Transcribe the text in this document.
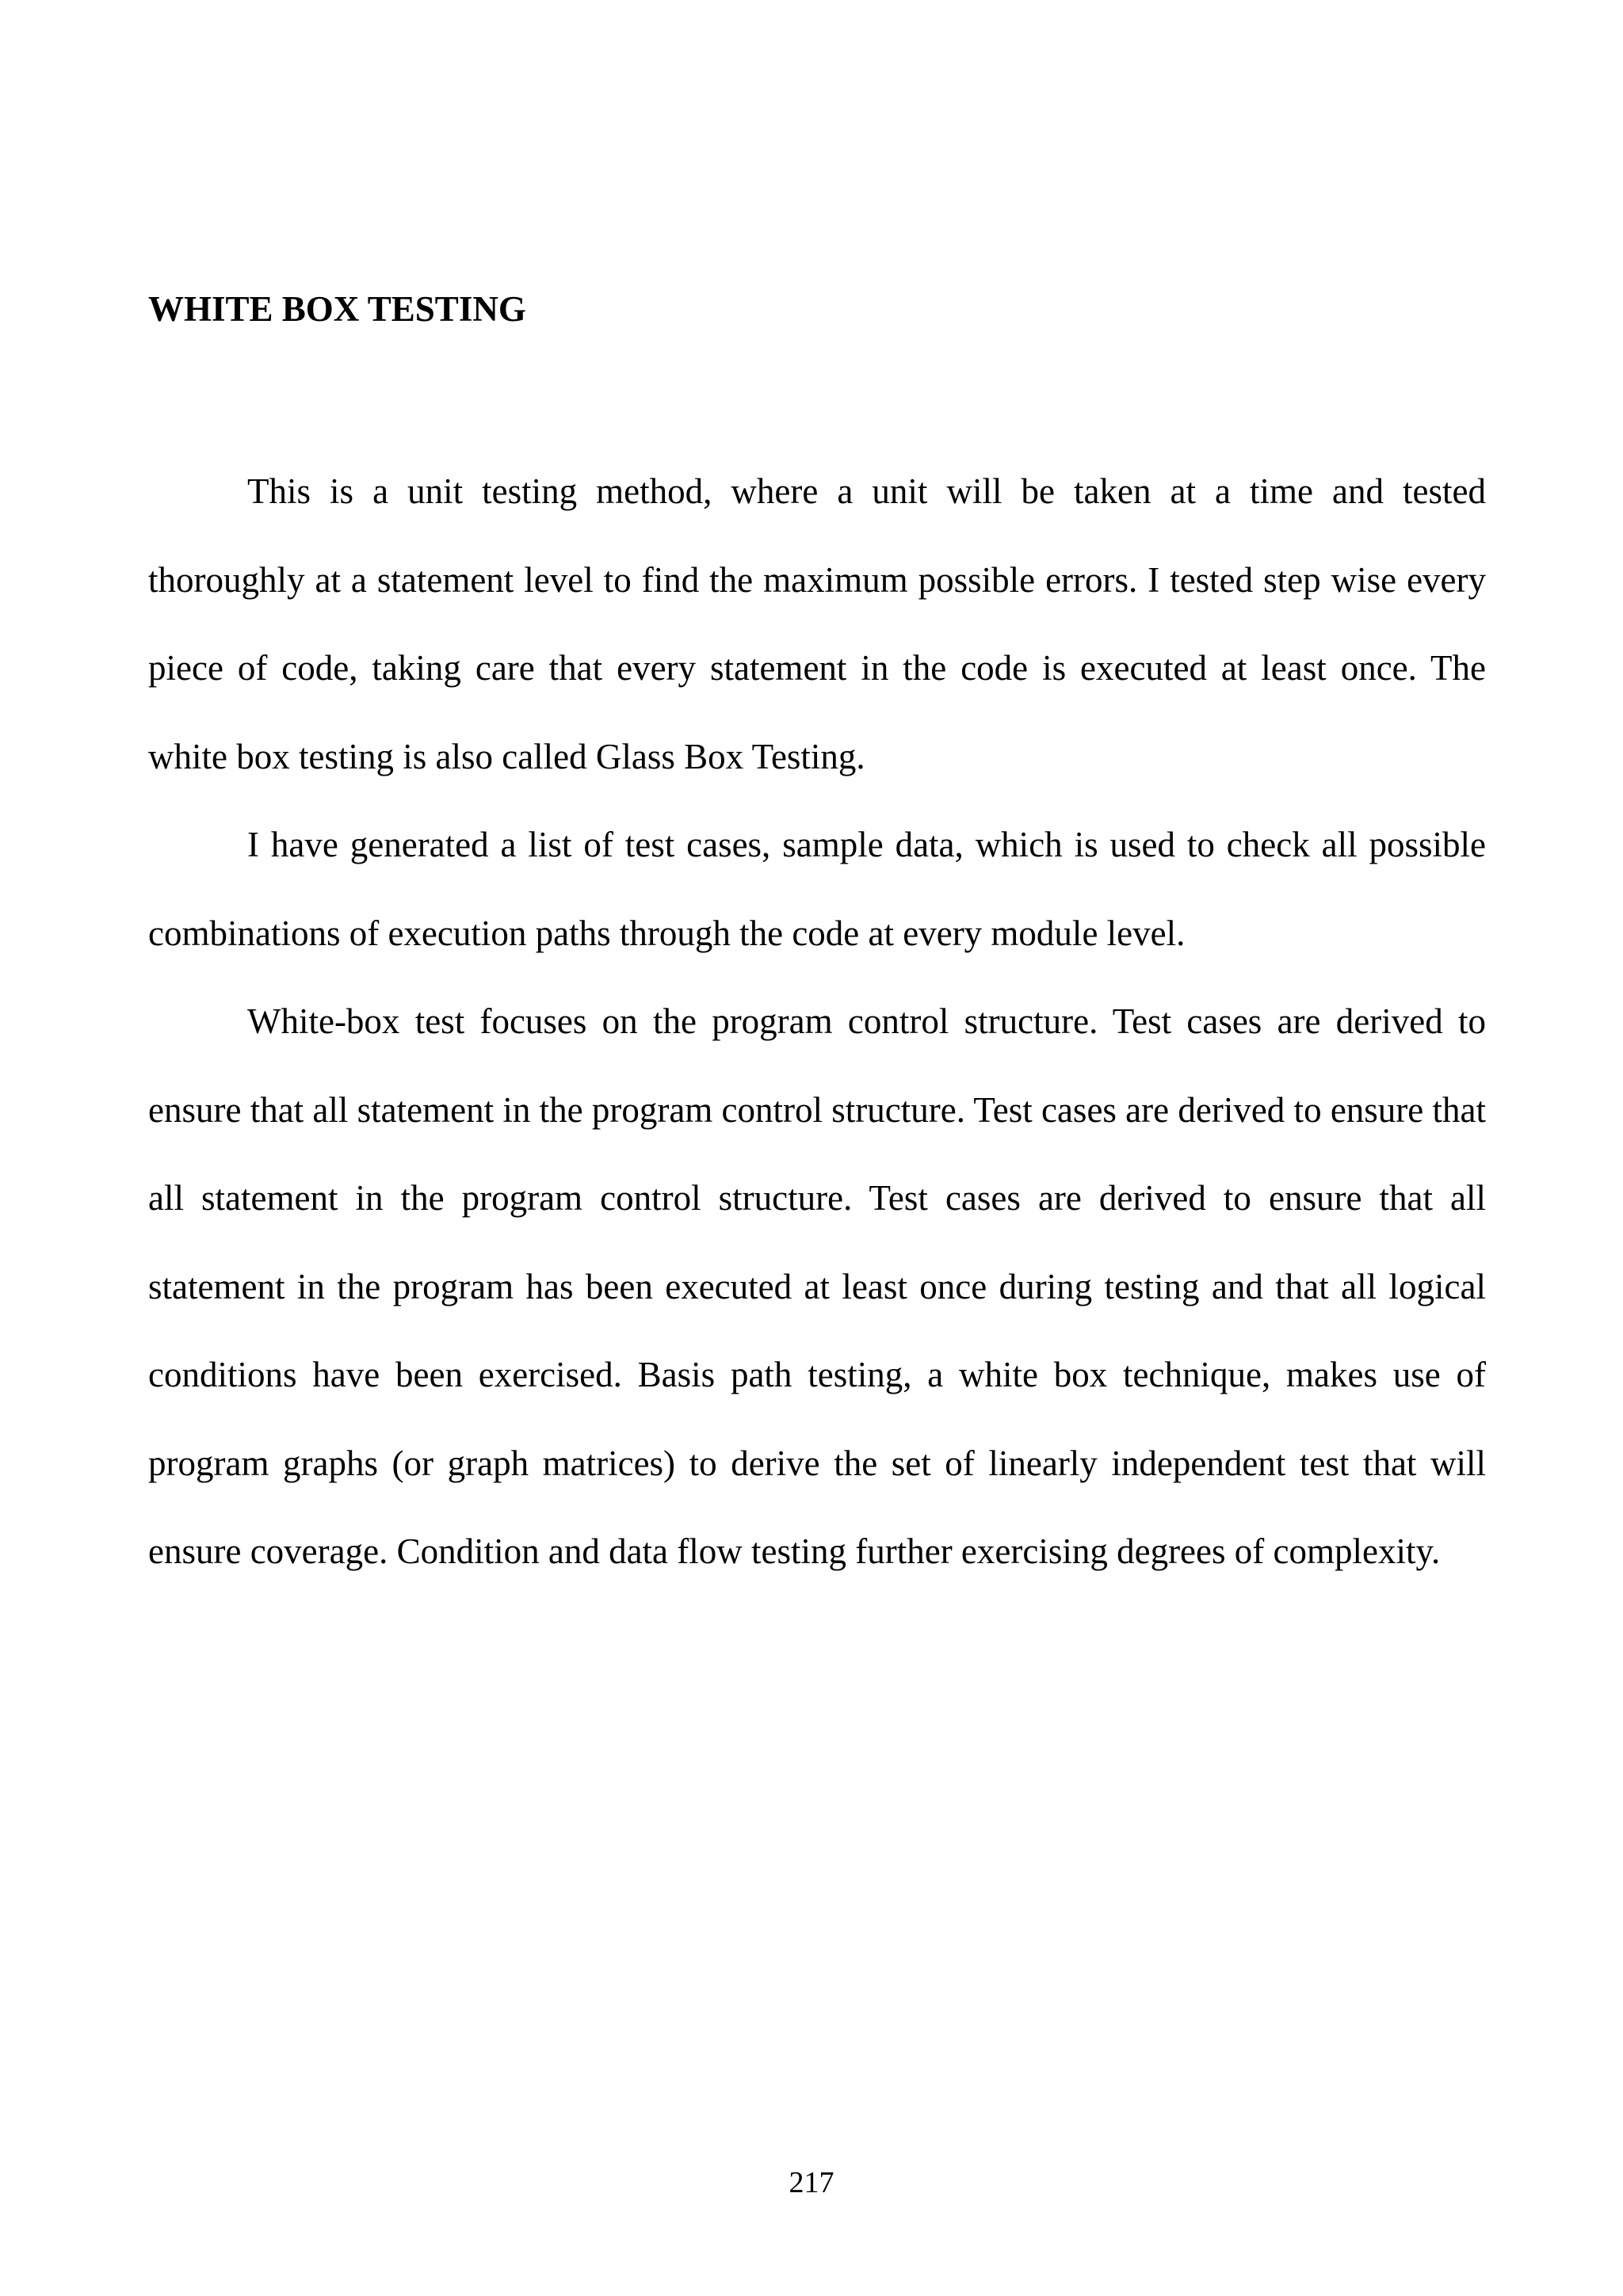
WHITE BOX TESTING

This is a unit testing method, where a unit will be taken at a time and tested thoroughly at a statement level to find the maximum possible errors. I tested step wise every piece of code, taking care that every statement in the code is executed at least once. The white box testing is also called Glass Box Testing.

I have generated a list of test cases, sample data, which is used to check all possible combinations of execution paths through the code at every module level.

White-box test focuses on the program control structure. Test cases are derived to ensure that all statement in the program control structure. Test cases are derived to ensure that all statement in the program control structure. Test cases are derived to ensure that all statement in the program has been executed at least once during testing and that all logical conditions have been exercised. Basis path testing, a white box technique, makes use of program graphs (or graph matrices) to derive the set of linearly independent test that will ensure coverage. Condition and data flow testing further exercising degrees of complexity.

217
